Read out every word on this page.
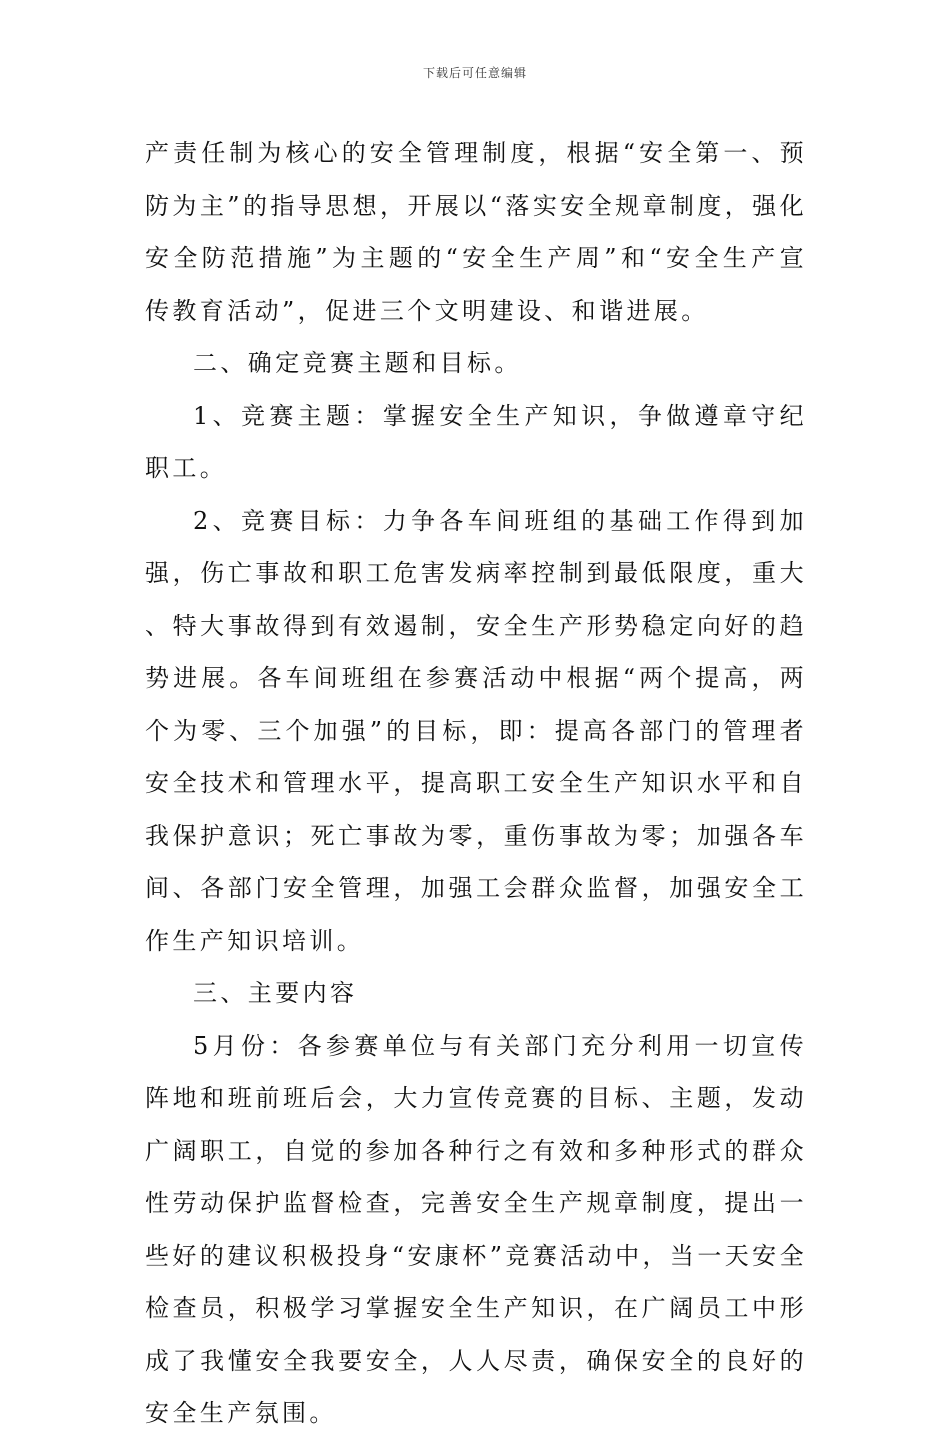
下载后可任意编辑

产责任制为核心的安全管理制度，根据“安全第一、预防为主”的指导思想，开展以“落实安全规章制度，强化安全防范措施”为主题的“安全生产周”和“安全生产宣传教育活动”，促进三个文明建设、和谐进展。

二、确定竞赛主题和目标。

1、竞赛主题：掌握安全生产知识，争做遵章守纪职工。

2、竞赛目标：力争各车间班组的基础工作得到加强，伤亡事故和职工危害发病率控制到最低限度，重大、特大事故得到有效遏制，安全生产形势稳定向好的趋势进展。各车间班组在参赛活动中根据“两个提高，两个为零、三个加强”的目标，即：提高各部门的管理者安全技术和管理水平，提高职工安全生产知识水平和自我保护意识；死亡事故为零，重伤事故为零；加强各车间、各部门安全管理，加强工会群众监督，加强安全工作生产知识培训。

三、主要内容

5月份：各参赛单位与有关部门充分利用一切宣传阵地和班前班后会，大力宣传竞赛的目标、主题，发动广阔职工，自觉的参加各种行之有效和多种形式的群众性劳动保护监督检查，完善安全生产规章制度，提出一些好的建议积极投身“安康杯”竞赛活动中，当一天安全检查员，积极学习掌握安全生产知识，在广阔员工中形成了我懂安全我要安全，人人尽责，确保安全的良好的安全生产氛围。
